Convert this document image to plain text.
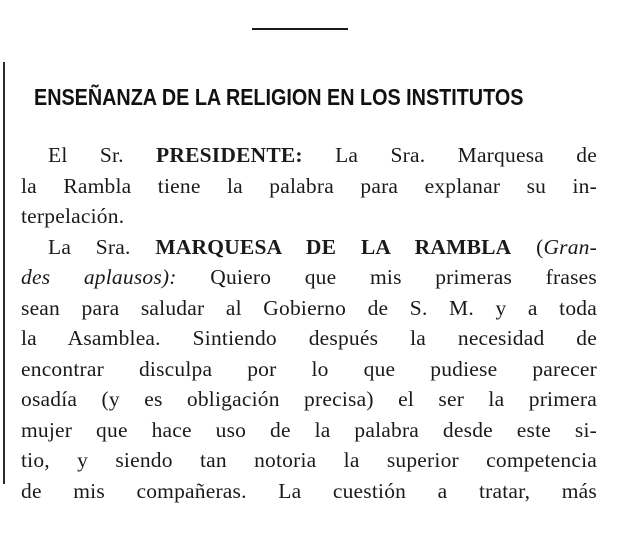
ENSEÑANZA DE LA RELIGION EN LOS INSTITUTOS
El Sr. PRESIDENTE: La Sra. Marquesa de
la Rambla tiene la palabra para explanar su in-
terpelación.
La Sra. MARQUESA DE LA RAMBLA (Gran-
des aplausos): Quiero que mis primeras frases
sean para saludar al Gobierno de S. M. y a toda
la Asamblea. Sintiendo después la necesidad de
encontrar disculpa por lo que pudiese parecer
osadía (y es obligación precisa) el ser la primera
mujer que hace uso de la palabra desde este si-
tio, y siendo tan notoria la superior competencia
de mis compañeras. La cuestión a tratar, más
